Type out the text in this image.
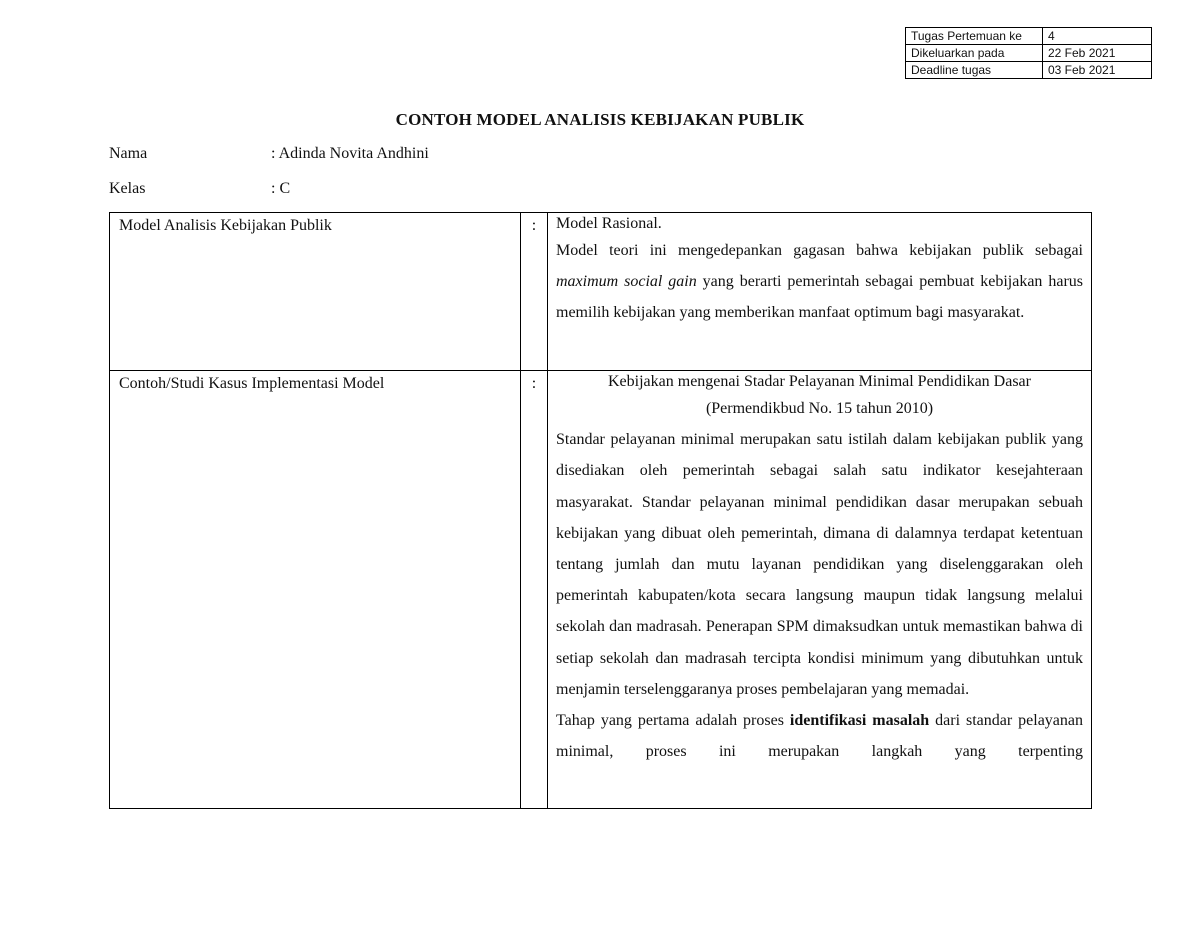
Tugas Pertemuan ke	4
Dikeluarkan pada	22 Feb 2021
Deadline tugas	03 Feb 2021
CONTOH MODEL ANALISIS KEBIJAKAN PUBLIK
Nama	: Adinda Novita Andhini
Kelas	: C
Model Analisis Kebijakan Publik	:	Model Rasional.

Model teori ini mengedepankan gagasan bahwa kebijakan publik sebagai maximum social gain yang berarti pemerintah sebagai pembuat kebijakan harus memilih kebijakan yang memberikan manfaat optimum bagi masyarakat.

Contoh/Studi Kasus Implementasi Model	:	Kebijakan mengenai Stadar Pelayanan Minimal Pendidikan Dasar

(Permendikbud No. 15 tahun 2010)

Standar pelayanan minimal merupakan satu istilah dalam kebijakan publik yang disediakan oleh pemerintah sebagai salah satu indikator kesejahteraan masyarakat. Standar pelayanan minimal pendidikan dasar merupakan sebuah kebijakan yang dibuat oleh pemerintah, dimana di dalamnya terdapat ketentuan tentang jumlah dan mutu layanan pendidikan yang diselenggarakan oleh pemerintah kabupaten/kota secara langsung maupun tidak langsung melalui sekolah dan madrasah. Penerapan SPM dimaksudkan untuk memastikan bahwa di setiap sekolah dan madrasah tercipta kondisi minimum yang dibutuhkan untuk menjamin terselenggaranya proses pembelajaran yang memadai.

Tahap yang pertama adalah proses identifikasi masalah dari standar pelayanan minimal, proses ini merupakan langkah yang terpenting
